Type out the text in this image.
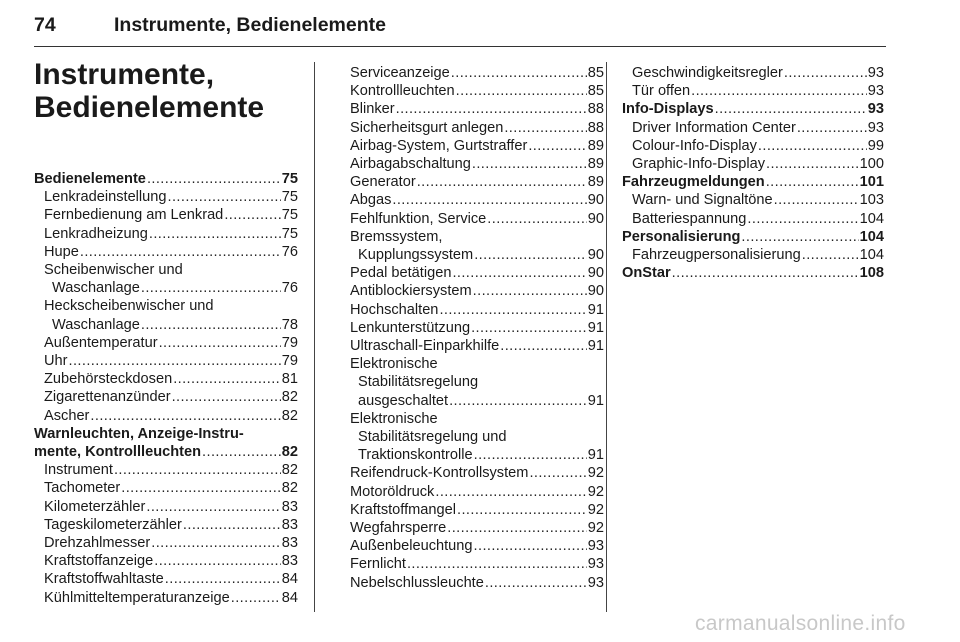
74	Instrumente, Bedienelemente
Instrumente,
Bedienelemente
Bedienelemente .....	75
Lenkradeinstellung .....	75
Fernbedienung am Lenkrad .....	75
Lenkradheizung .....	75
Hupe .....	76
Scheibenwischer und
Waschanlage .....	76
Heckscheibenwischer und
Waschanlage .....	78
Außentemperatur .....	79
Uhr .....	79
Zubehörsteckdosen .....	81
Zigarettenanzünder .....	82
Ascher .....	82
Warnleuchten, Anzeige-Instru-
mente, Kontrollleuchten .....	82
Instrument .....	82
Tachometer .....	82
Kilometerzähler .....	83
Tageskilometerzähler .....	83
Drehzahlmesser .....	83
Kraftstoffanzeige .....	83
Kraftstoffwahltaste .....	84
Kühlmitteltemperaturanzeige .....	84
Serviceanzeige .....	85
Kontrollleuchten .....	85
Blinker .....	88
Sicherheitsgurt anlegen .....	88
Airbag-System, Gurtstraffer .....	89
Airbagabschaltung .....	89
Generator .....	89
Abgas .....	90
Fehlfunktion, Service .....	90
Bremssystem,
Kupplungssystem .....	90
Pedal betätigen .....	90
Antiblockiersystem .....	90
Hochschalten .....	91
Lenkunterstützung .....	91
Ultraschall-Einparkhilfe .....	91
Elektronische
Stabilitätsregelung
ausgeschaltet .....	91
Elektronische
Stabilitätsregelung und
Traktionskontrolle .....	91
Reifendruck-Kontrollsystem .....	92
Motoröldruck .....	92
Kraftstoffmangel .....	92
Wegfahrsperre .....	92
Außenbeleuchtung .....	93
Fernlicht .....	93
Nebelschlussleuchte .....	93
Geschwindigkeitsregler .....	93
Tür offen .....	93
Info-Displays .....	93
Driver Information Center .....	93
Colour-Info-Display .....	99
Graphic-Info-Display .....	100
Fahrzeugmeldungen .....	101
Warn- und Signaltöne .....	103
Batteriespannung .....	104
Personalisierung .....	104
Fahrzeugpersonalisierung .....	104
OnStar .....	108
carmanualsonline.info
